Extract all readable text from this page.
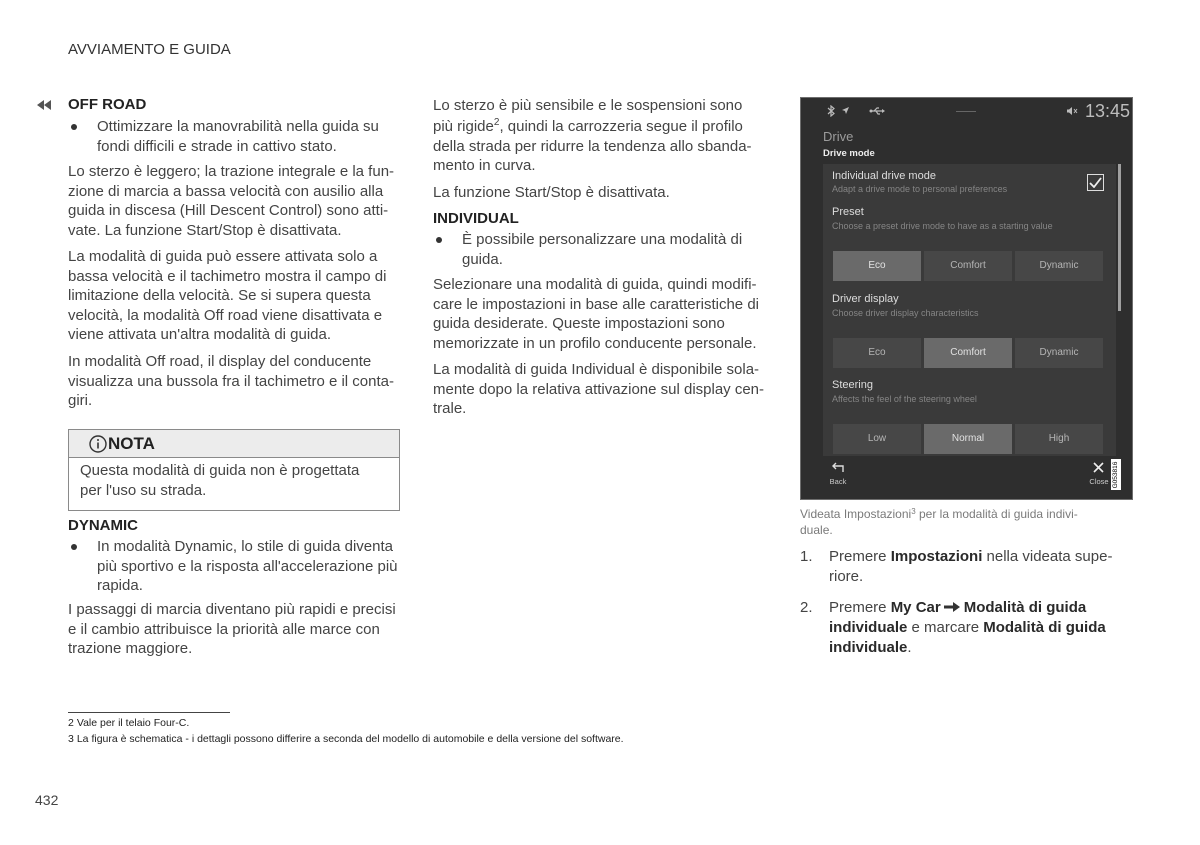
AVVIAMENTO E GUIDA
OFF ROAD
Ottimizzare la manovrabilità nella guida su
fondi difficili e strade in cattivo stato.
Lo sterzo è leggero; la trazione integrale e la fun-
zione di marcia a bassa velocità con ausilio alla
guida in discesa (Hill Descent Control) sono atti-
vate. La funzione Start/Stop è disattivata.
La modalità di guida può essere attivata solo a
bassa velocità e il tachimetro mostra il campo di
limitazione della velocità. Se si supera questa
velocità, la modalità Off road viene disattivata e
viene attivata un'altra modalità di guida.
In modalità Off road, il display del conducente
visualizza una bussola fra il tachimetro e il conta-
giri.
NOTA
Questa modalità di guida non è progettata
per l'uso su strada.
DYNAMIC
In modalità Dynamic, lo stile di guida diventa
più sportivo e la risposta all'accelerazione più
rapida.
I passaggi di marcia diventano più rapidi e precisi
e il cambio attribuisce la priorità alle marce con
trazione maggiore.
Lo sterzo è più sensibile e le sospensioni sono
più rigide$^2$, quindi la carrozzeria segue il profilo
della strada per ridurre la tendenza allo sbanda-
mento in curva.
La funzione Start/Stop è disattivata.
INDIVIDUAL
È possibile personalizzare una modalità di
guida.
Selezionare una modalità di guida, quindi modifi-
care le impostazioni in base alle caratteristiche di
guida desiderate. Queste impostazioni sono
memorizzate in un profilo conducente personale.
La modalità di guida Individual è disponibile sola-
mente dopo la relativa attivazione sul display cen-
trale.
13:45
Drive
Drive mode
Individual drive mode
Adapt a drive mode to personal preferences
Preset
Choose a preset drive mode to have as a starting value
Eco	Comfort	Dynamic
Driver display
Choose driver display characteristics
Eco	Comfort	Dynamic
Steering
Affects the feel of the steering wheel
Low	Normal	High
Back	Close G053816
Videata Impostazioni$^3$ per la modalità di guida indivi-
duale.
1. Premere Impostazioni nella videata supe-
riore.
2. Premere My Car Modalità di guida
individuale e marcare Modalità di guida
individuale.
2 Vale per il telaio Four-C.
3 La figura è schematica - i dettagli possono differire a seconda del modello di automobile e della versione del software.
432
